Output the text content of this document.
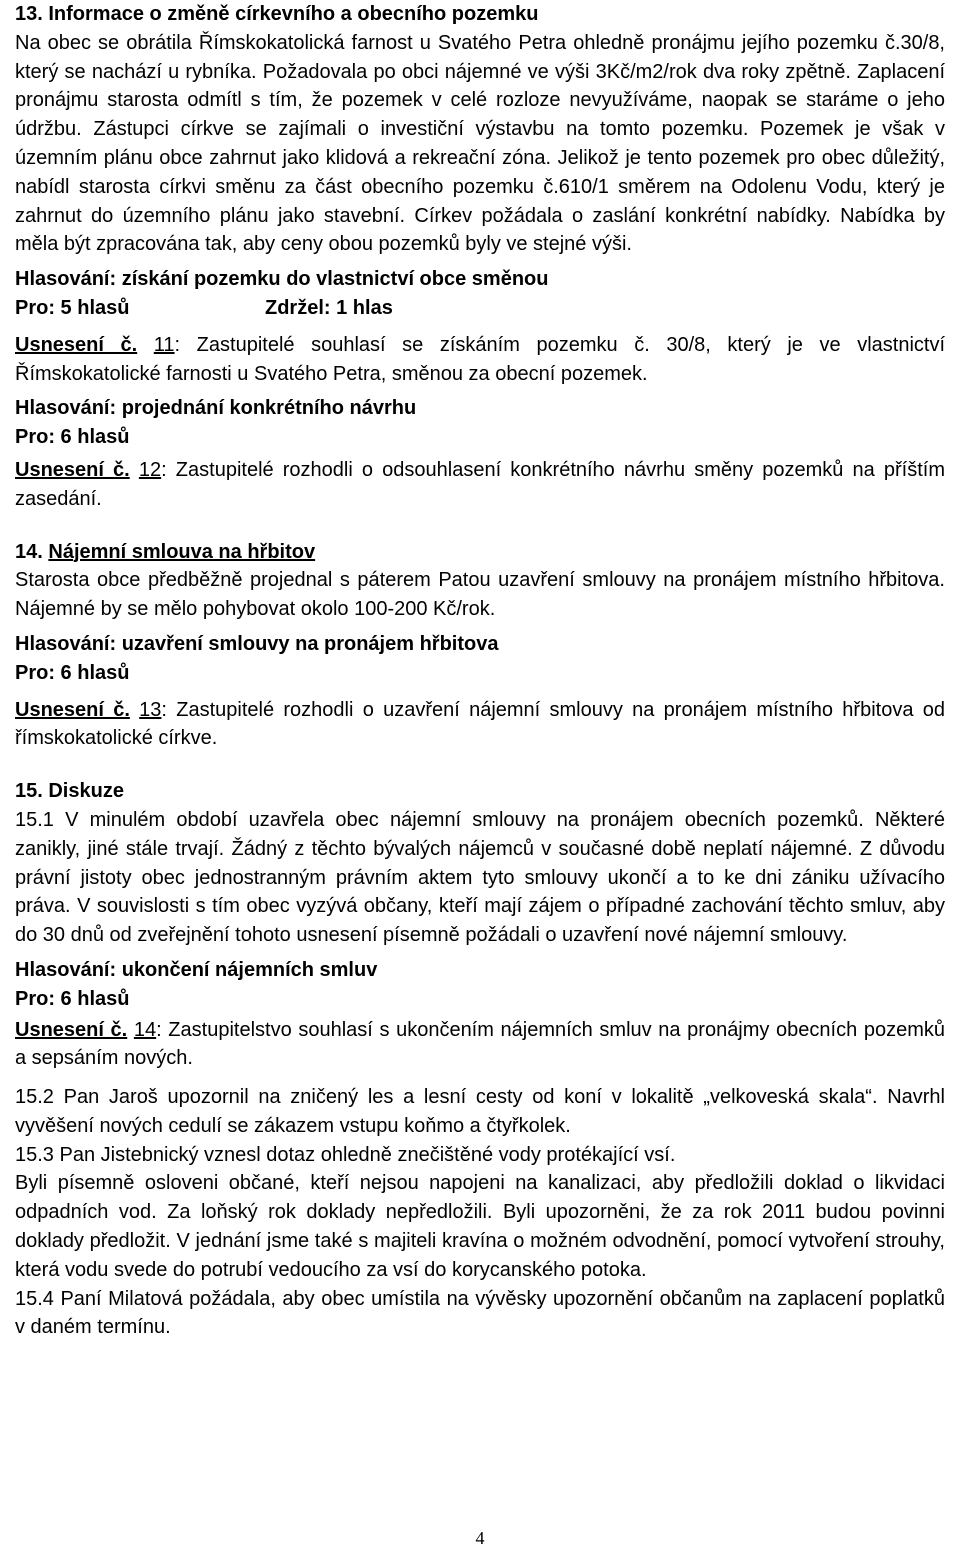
13. Informace o změně církevního a obecního pozemku

Na obec se obrátila Římskokatolická farnost u Svatého Petra ohledně pronájmu jejího pozemku č.30/8, který se nachází u rybníka. Požadovala po obci nájemné ve výši 3Kč/m2/rok dva roky zpětně. Zaplacení pronájmu starosta odmítl s tím, že pozemek v celé rozloze nevyužíváme, naopak se staráme o jeho údržbu. Zástupci církve se zajímali o investiční výstavbu na tomto pozemku. Pozemek je však v územním plánu obce zahrnut jako klidová a rekreační zóna. Jelikož je tento pozemek pro obec důležitý, nabídl starosta církvi směnu za část obecního pozemku č.610/1 směrem na Odolenu Vodu, který je zahrnut do územního plánu jako stavební. Církev požádala o zaslání konkrétní nabídky. Nabídka by měla být zpracována tak, aby ceny obou pozemků byly ve stejné výši.

Hlasování: získání pozemku do vlastnictví obce směnou

Pro: 5 hlasů	Zdržel: 1 hlas

Usnesení č. 11: Zastupitelé souhlasí se získáním pozemku č. 30/8, který je ve vlastnictví Římskokatolické farnosti u Svatého Petra, směnou za obecní pozemek.

Hlasování: projednání konkrétního návrhu

Pro: 6 hlasů

Usnesení č. 12: Zastupitelé rozhodli o odsouhlasení konkrétního návrhu směny pozemků na příštím zasedání.

14. Nájemní smlouva na hřbitov

Starosta obce předběžně projednal s páterem Patou uzavření smlouvy na pronájem místního hřbitova. Nájemné by se mělo pohybovat okolo 100-200 Kč/rok.

Hlasování: uzavření smlouvy na pronájem hřbitova

Pro: 6 hlasů

Usnesení č. 13: Zastupitelé rozhodli o uzavření nájemní smlouvy na pronájem místního hřbitova od římskokatolické církve.

15. Diskuze

15.1 V minulém období uzavřela obec nájemní smlouvy na pronájem obecních pozemků. Některé zanikly, jiné stále trvají. Žádný z těchto bývalých nájemců v současné době neplatí nájemné. Z důvodu právní jistoty obec jednostranným právním aktem tyto smlouvy ukončí a to ke dni zániku užívacího práva. V souvislosti s tím obec vyzývá občany, kteří mají zájem o případné zachování těchto smluv, aby do 30 dnů od zveřejnění tohoto usnesení písemně požádali o uzavření nové nájemní smlouvy.

Hlasování: ukončení nájemních smluv

Pro: 6 hlasů

Usnesení č. 14: Zastupitelstvo souhlasí s ukončením nájemních smluv na pronájmy obecních pozemků a sepsáním nových.

15.2 Pan Jaroš upozornil na zničený les a lesní cesty od koní v lokalitě „velkoveská skala“. Navrhl vyvěšení nových cedulí se zákazem vstupu koňmo a čtyřkolek.

15.3 Pan Jistebnický vznesl dotaz ohledně znečištěné vody protékající vsí.

Byli písemně osloveni občané, kteří nejsou napojeni na kanalizaci, aby předložili doklad o likvidaci odpadních vod. Za loňský rok doklady nepředložili. Byli upozorněni, že za rok 2011 budou povinni doklady předložit. V jednání jsme také s majiteli kravína o možném odvodnění, pomocí vytvoření strouhy, která vodu svede do potrubí vedoucího za vsí do korycanského potoka.

15.4 Paní Milatová požádala, aby obec umístila na vývěsky upozornění občanům na zaplacení poplatků v daném termínu.

4
